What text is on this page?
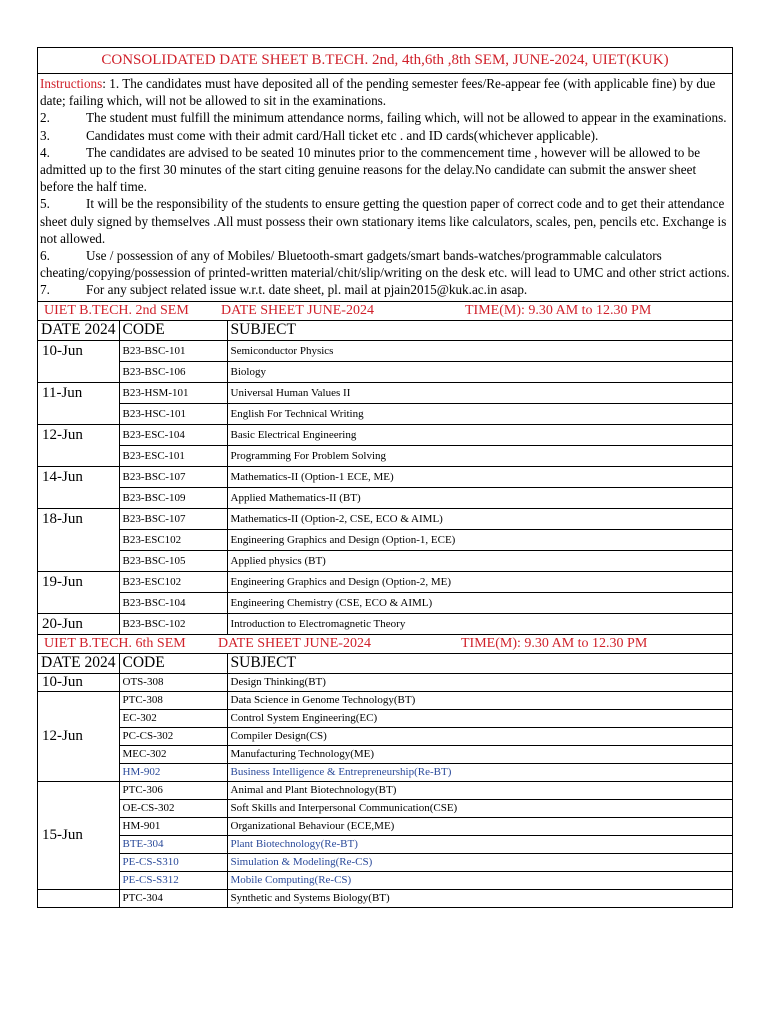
CONSOLIDATED DATE SHEET B.TECH. 2nd, 4th,6th ,8th SEM, JUNE-2024, UIET(KUK)

Instructions: 1. The candidates must have deposited all of the pending semester fees/Re-appear fee (with applicable fine) by due date; failing which, will not be allowed to sit in the examinations.

2.	The student must fulfill the minimum attendance norms, failing which, will not be allowed to appear in the examinations.

3.	Candidates must come with their admit card/Hall ticket etc . and ID cards(whichever applicable).

4.	The candidates are advised to be seated 10 minutes prior to the commencement time , however will be allowed to be admitted up to the first 30 minutes of the start citing genuine reasons for the delay.No candidate can submit the answer sheet before the half time.

5.	It will be the responsibility of the students to ensure getting the question paper of correct code and to get their attendance sheet duly signed by themselves .All must possess their own stationary items like calculators, scales, pen, pencils etc. Exchange is not allowed.

6.	Use / possession of any of Mobiles/ Bluetooth-smart gadgets/smart bands-watches/programmable calculators cheating/copying/possession of printed-written material/chit/slip/writing on the desk etc. will lead to UMC and other strict actions.

7.	For any subject related issue w.r.t. date sheet, pl. mail at pjain2015@kuk.ac.in asap.

UIET B.TECH. 2nd SEM DATE SHEET JUNE-2024	TIME(M): 9.30 AM to 12.30 PM
DATE 2024	CODE	SUBJECT
10-Jun	B23-BSC-101	Semiconductor Physics
	B23-BSC-106	Biology
11-Jun	B23-HSM-101	Universal Human Values II
	B23-HSC-101	English For Technical Writing
12-Jun	B23-ESC-104	Basic Electrical Engineering
	B23-ESC-101	Programming For Problem Solving
14-Jun	B23-BSC-107	Mathematics-II (Option-1 ECE, ME)
	B23-BSC-109	Applied Mathematics-II (BT)
18-Jun	B23-BSC-107	Mathematics-II (Option-2, CSE, ECO & AIML)
	B23-ESC102	Engineering Graphics and Design (Option-1, ECE)
	B23-BSC-105	Applied physics (BT)
19-Jun	B23-ESC102	Engineering Graphics and Design (Option-2, ME)
	B23-BSC-104	Engineering Chemistry (CSE, ECO & AIML)
20-Jun	B23-BSC-102	Introduction to Electromagnetic Theory
UIET B.TECH. 6th SEM DATE SHEET JUNE-2024	TIME(M): 9.30 AM to 12.30 PM
DATE 2024	CODE	SUBJECT
10-Jun	OTS-308	Design Thinking(BT)
12-Jun	PTC-308	Data Science in Genome Technology(BT)
	EC-302	Control System Engineering(EC)
	PC-CS-302	Compiler Design(CS)
	MEC-302	Manufacturing Technology(ME)
	HM-902	Business Intelligence & Entrepreneurship(Re-BT)
15-Jun	PTC-306	Animal and Plant Biotechnology(BT)
	OE-CS-302	Soft Skills and Interpersonal Communication(CSE)
	HM-901	Organizational Behaviour (ECE,ME)
	BTE-304	Plant Biotechnology(Re-BT)
	PE-CS-S310	Simulation & Modeling(Re-CS)
	PE-CS-S312	Mobile Computing(Re-CS)
	PTC-304	Synthetic and Systems Biology(BT)
